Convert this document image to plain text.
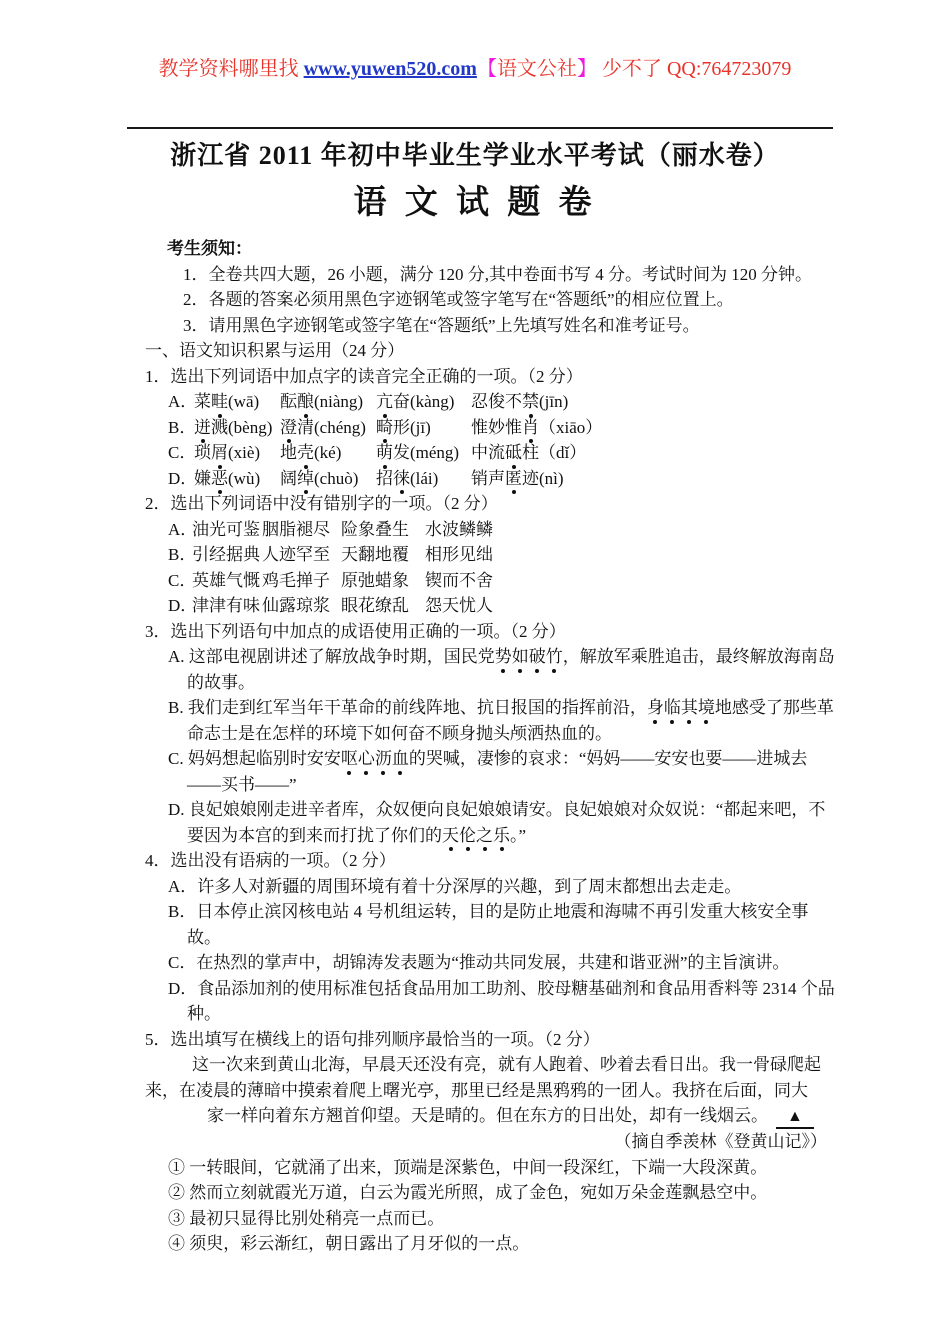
教学资料哪里找 www.yuwen520.com【语文公社】 少不了 QQ:764723079
浙江省 2011 年初中毕业生学业水平考试（丽水卷）
语 文 试 题 卷
考生须知：
1．全卷共四大题，26 小题，满分 120 分,其中卷面书写 4 分。考试时间为 120 分钟。
2．各题的答案必须用黑色字迹钢笔或签字笔写在“答题纸”的相应位置上。
3．请用黑色字迹钢笔或签字笔在“答题纸”上先填写姓名和准考证号。
一、语文知识积累与运用（24 分）
1．选出下列词语中加点字的读音完全正确的一项。（2 分）
A．
菜畦(wā)	酝酿(niàng) 亢奋(kàng) 忍俊不禁(jīn)
B．
迸溅(bèng) 澄清(chéng) 畸形(jī)	惟妙惟肖（xiāo）
C．
琐屑(xiè)	地壳(ké)	萌发(méng) 中流砥柱（dǐ）
D．
嫌恶(wù)	阔绰(chuò)	招徕(lái)	销声匿迹(nì)
2．选出下列词语中没有错别字的一项。（2 分）
A．
油光可鉴 胭脂褪尽 险象叠生 水波鳞鳞
B．
引经据典 人迹罕至 天翻地覆 相形见绌
C．
英雄气慨 鸡毛掸子 原弛蜡象 锲而不舍
D．
津津有味 仙露琼浆 眼花缭乱 怨天忧人
3．选出下列语句中加点的成语使用正确的一项。（2 分）
A. 这部电视剧讲述了解放战争时期，国民党势如破竹，解放军乘胜追击，最终解放海南岛的故事。
B. 我们走到红军当年干革命的前线阵地、抗日报国的指挥前沿，身临其境地感受了那些革命志士是在怎样的环境下如何奋不顾身抛头颅洒热血的。
C. 妈妈想起临别时安安呕心沥血的哭喊，凄惨的哀求：“妈妈——安安也要——进城去——买书——”
D. 良妃娘娘刚走进辛者库，众奴便向良妃娘娘请安。良妃娘娘对众奴说：“都起来吧，不要因为本宫的到来而打扰了你们的天伦之乐。”
4．选出没有语病的一项。（2 分）
A．许多人对新疆的周围环境有着十分深厚的兴趣，到了周末都想出去走走。
B．日本停止滨冈核电站 4 号机组运转，目的是防止地震和海啸不再引发重大核安全事故。
C．在热烈的掌声中，胡锦涛发表题为“推动共同发展，共建和谐亚洲”的主旨演讲。
D．食品添加剂的使用标准包括食品用加工助剂、胶母糖基础剂和食品用香料等 2314 个品种。
5．选出填写在横线上的语句排列顺序最恰当的一项。（2 分）
这一次来到黄山北海，早晨天还没有亮，就有人跑着、吵着去看日出。我一骨碌爬起
来，在凌晨的薄暗中摸索着爬上曙光亭，那里已经是黑鸦鸦的一团人。我挤在后面，同大
家一样向着东方翘首仰望。天是晴的。但在东方的日出处，却有一线烟云。 ▲
（摘自季羡林《登黄山记》）
① 一转眼间，它就涌了出来，顶端是深紫色，中间一段深红，下端一大段深黄。
② 然而立刻就霞光万道，白云为霞光所照，成了金色，宛如万朵金莲飘悬空中。
③ 最初只显得比别处稍亮一点而已。
④ 须臾，彩云渐红，朝日露出了月牙似的一点。
